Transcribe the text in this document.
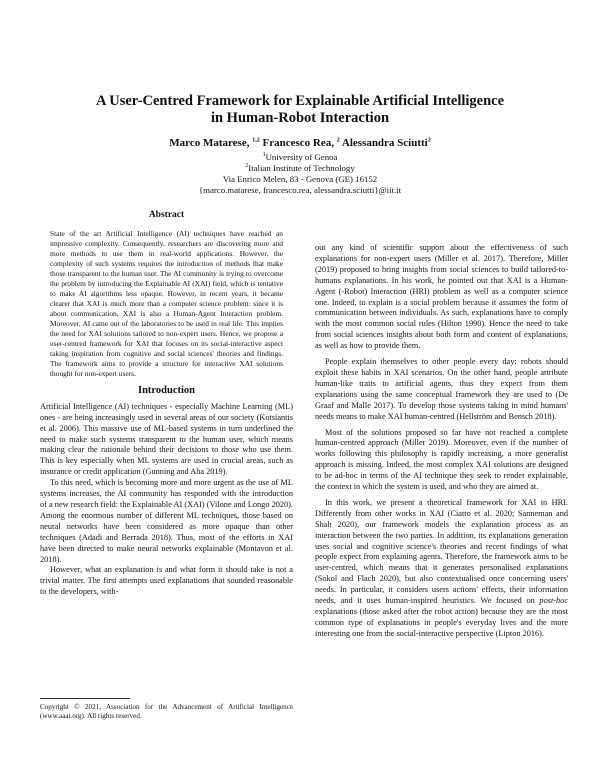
A User-Centred Framework for Explainable Artificial Intelligence
in Human-Robot Interaction
Marco Matarese, $^{1,2}$ Francesco Rea, $^2$ Alessandra Sciutti$^2$
$^1$University of Genoa
$^2$Italian Institute of Technology
Via Enrico Melen, 83 - Genova (GE) 16152
{marco.matarese, francesco.rea, alessandra.sciutti}@iit.it
Abstract
State of the art Artificial Intelligence (AI) techniques have reached an impressive complexity. Consequently, researchers are discovering more and more methods to use them in real-world applications. However, the complexity of such systems requires the introduction of methods that make those transparent to the human user. The AI community is trying to overcome the problem by introducing the Explainable AI (XAI) field, which is tentative to make AI algorithms less opaque. However, in recent years, it became clearer that XAI is much more than a computer science problem: since it is about communication, XAI is also a Human-Agent Interaction problem. Moreover, AI came out of the laboratories to be used in real life. This implies the need for XAI solutions tailored to non-expert users. Hence, we propose a user-centred framework for XAI that focuses on its social-interactive aspect taking inspiration from cognitive and social sciences' theories and findings. The framework aims to provide a structure for interactive XAI solutions thought for non-expert users.
Introduction

Artificial Intelligence (AI) techniques - especially Machine Learning (ML) ones - are being increasingly used in several areas of our society (Kotsiantis et al. 2006). This massive use of ML-based systems in turn underlined the need to make such systems transparent to the human user, which means making clear the rationale behind their decisions to those who use them. This is key especially when ML systems are used in crucial areas, such as insurance or credit application (Gunning and Aha 2019).

To this need, which is becoming more and more urgent as the use of ML systems increases, the AI community has responded with the introduction of a new research field: the Explainable AI (XAI) (Vilone and Longo 2020). Among the enormous number of different ML techniques, those based on neural networks have been considered as more opaque than other techniques (Adadi and Berrada 2018). Thus, most of the efforts in XAI have been directed to make neural networks explainable (Montavon et al. 2018).

However, what an explanation is and what form it should take is not a trivial matter. The first attempts used explanations that sounded reasonable to the developers, with-

Copyright © 2021, Association for the Advancement of Artificial Intelligence (www.aaai.org). All rights reserved.

out any kind of scientific support about the effectiveness of such explanations for non-expert users (Miller et al. 2017). Therefore, Miller (2019) proposed to bring insights from social sciences to build tailored-to-humans explanations. In his work, he pointed out that XAI is a Human-Agent (-Robot) Interaction (HRI) problem as well as a computer science one. Indeed, to explain is a social problem because it assumes the form of communication between individuals. As such, explanations have to comply with the most common social rules (Hilton 1990). Hence the need to take from social sciences insights about both form and content of explanations, as well as how to provide them.

People explain themselves to other people every day: robots should exploit these habits in XAI scenarios. On the other hand, people attribute human-like traits to artificial agents, thus they expect from them explanations using the same conceptual framework they are used to (De Graaf and Malle 2017). To develop those systems taking in mind humans' needs means to make XAI human-centred (Hellström and Bensch 2018).

Most of the solutions proposed so far have not reached a complete human-centred approach (Miller 2019). Moreover, even if the number of works following this philosophy is rapidly increasing, a more generalist approach is missing. Indeed, the most complex XAI solutions are designed to be ad-hoc in terms of the AI technique they seek to render explainable, the context in which the system is used, and who they are aimed at.

In this work, we present a theoretical framework for XAI in HRI. Differently from other works in XAI (Ciatto et al. 2020; Sanneman and Shah 2020), our framework models the explanation process as an interaction between the two parties. In addition, its explanations generation uses social and cognitive science's theories and recent findings of what people expect from explaining agents. Therefore, the framework aims to be user-centred, which means that it generates personalised explanations (Sokol and Flach 2020), but also contextualised once concerning users' needs. In particular, it considers users actions' effects, their information needs, and it uses human-inspired heuristics. We focused on post-hoc explanations (those asked after the robot action) because they are the most common type of explanations in people's everyday lives and the more interesting one from the social-interactive perspective (Lipton 2016).
